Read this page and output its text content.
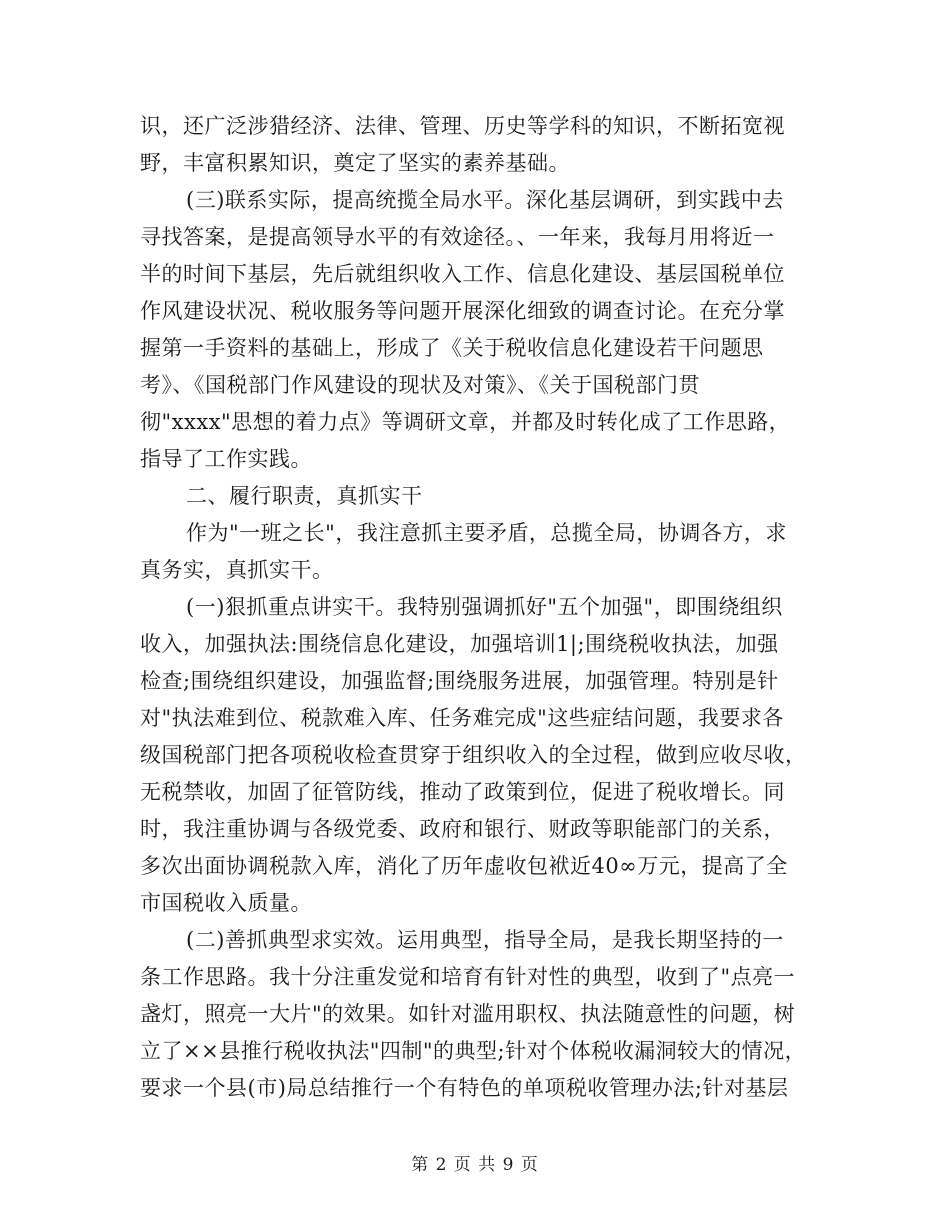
识，还广泛涉猎经济、法律、管理、历史等学科的知识，不断拓宽视
野，丰富积累知识，奠定了坚实的素养基础。
(三)联系实际，提高统揽全局水平。深化基层调研，到实践中去
寻找答案，是提高领导水平的有效途径。、一年来，我每月用将近一
半的时间下基层，先后就组织收入工作、信息化建设、基层国税单位
作风建设状况、税收服务等问题开展深化细致的调查讨论。在充分掌
握第一手资料的基础上，形成了《关于税收信息化建设若干问题思
考》、《国税部门作风建设的现状及对策》、《关于国税部门贯
彻"xxxx"思想的着力点》等调研文章，并都及时转化成了工作思路，
指导了工作实践。
二、履行职责，真抓实干
作为"一班之长"，我注意抓主要矛盾，总揽全局，协调各方，求
真务实，真抓实干。
(一)狠抓重点讲实干。我特别强调抓好"五个加强"，即围绕组织
收入，加强执法:围绕信息化建设，加强培训1|;围绕税收执法，加强
检查;围绕组织建设，加强监督;围绕服务进展，加强管理。特别是针
对"执法难到位、税款难入库、任务难完成"这些症结问题，我要求各
级国税部门把各项税收检查贯穿于组织收入的全过程，做到应收尽收，
无税禁收，加固了征管防线，推动了政策到位，促进了税收增长。同
时，我注重协调与各级党委、政府和银行、财政等职能部门的关系，
多次出面协调税款入库，消化了历年虚收包袱近40∞万元，提高了全
市国税收入质量。
(二)善抓典型求实效。运用典型，指导全局，是我长期坚持的一
条工作思路。我十分注重发觉和培育有针对性的典型，收到了"点亮一
盏灯，照亮一大片"的效果。如针对滥用职权、执法随意性的问题，树
立了××县推行税收执法"四制"的典型;针对个体税收漏洞较大的情况，
要求一个县(市)局总结推行一个有特色的单项税收管理办法;针对基层
第 2 页 共 9 页
